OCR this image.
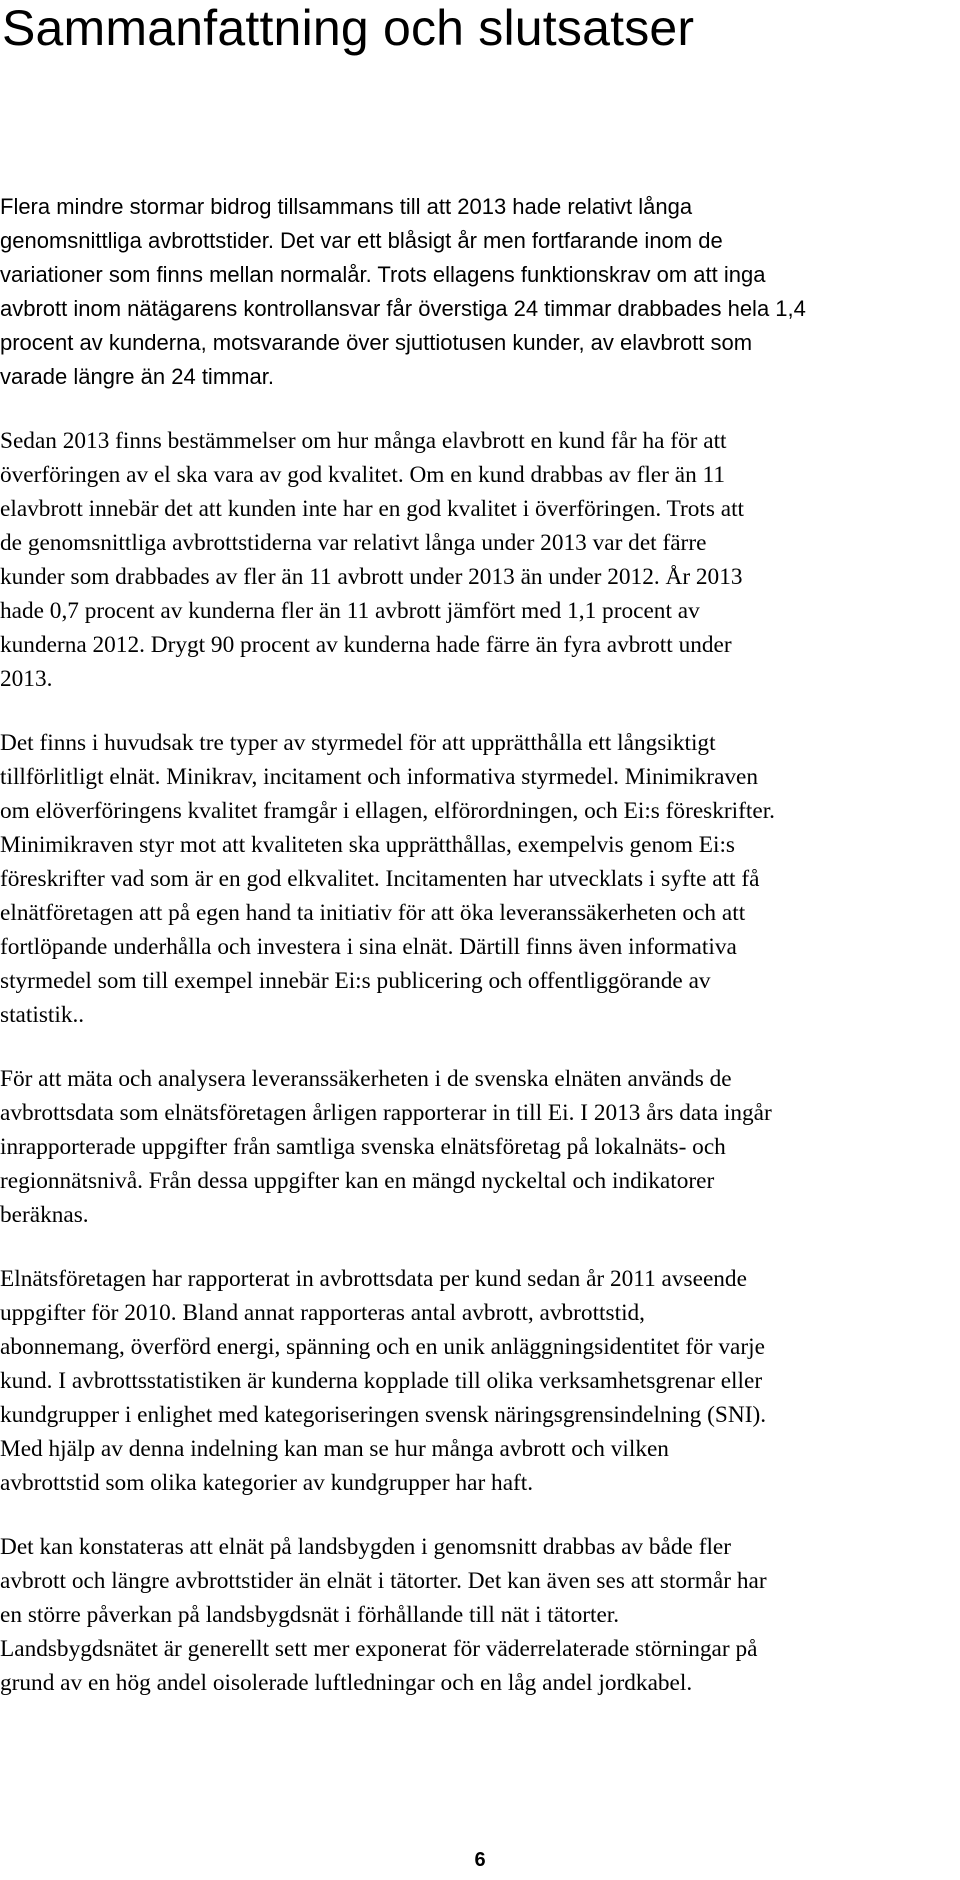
Sammanfattning och slutsatser

Flera mindre stormar bidrog tillsammans till att 2013 hade relativt långa
genomsnittliga avbrottstider. Det var ett blåsigt år men fortfarande inom de
variationer som finns mellan normalår. Trots ellagens funktionskrav om att inga
avbrott inom nätägarens kontrollansvar får överstiga 24 timmar drabbades hela 1,4
procent av kunderna, motsvarande över sjuttiotusen kunder, av elavbrott som
varade längre än 24 timmar.

Sedan 2013 finns bestämmelser om hur många elavbrott en kund får ha för att
överföringen av el ska vara av god kvalitet. Om en kund drabbas av fler än 11
elavbrott innebär det att kunden inte har en god kvalitet i överföringen. Trots att
de genomsnittliga avbrottstiderna var relativt långa under 2013 var det färre
kunder som drabbades av fler än 11 avbrott under 2013 än under 2012. År 2013
hade 0,7 procent av kunderna fler än 11 avbrott jämfört med 1,1 procent av
kunderna 2012. Drygt 90 procent av kunderna hade färre än fyra avbrott under
2013.

Det finns i huvudsak tre typer av styrmedel för att upprätthålla ett långsiktigt
tillförlitligt elnät. Minikrav, incitament och informativa styrmedel. Minimikraven
om elöverföringens kvalitet framgår i ellagen, elförordningen, och Ei:s föreskrifter.
Minimikraven styr mot att kvaliteten ska upprätthållas, exempelvis genom Ei:s
föreskrifter vad som är en god elkvalitet. Incitamenten har utvecklats i syfte att få
elnätföretagen att på egen hand ta initiativ för att öka leveranssäkerheten och att
fortlöpande underhålla och investera i sina elnät. Därtill finns även informativa
styrmedel som till exempel innebär Ei:s publicering och offentliggörande av
statistik..

För att mäta och analysera leveranssäkerheten i de svenska elnäten används de
avbrottsdata som elnätsföretagen årligen rapporterar in till Ei. I 2013 års data ingår
inrapporterade uppgifter från samtliga svenska elnätsföretag på lokalnäts- och
regionnätsnivå. Från dessa uppgifter kan en mängd nyckeltal och indikatorer
beräknas.

Elnätsföretagen har rapporterat in avbrottsdata per kund sedan år 2011 avseende
uppgifter för 2010. Bland annat rapporteras antal avbrott, avbrottstid,
abonnemang, överförd energi, spänning och en unik anläggningsidentitet för varje
kund. I avbrottsstatistiken är kunderna kopplade till olika verksamhetsgrenar eller
kundgrupper i enlighet med kategoriseringen svensk näringsgrensindelning (SNI).
Med hjälp av denna indelning kan man se hur många avbrott och vilken
avbrottstid som olika kategorier av kundgrupper har haft.

Det kan konstateras att elnät på landsbygden i genomsnitt drabbas av både fler
avbrott och längre avbrottstider än elnät i tätorter. Det kan även ses att stormår har
en större påverkan på landsbygdsnät i förhållande till nät i tätorter.
Landsbygdsnätet är generellt sett mer exponerat för väderrelaterade störningar på
grund av en hög andel oisolerade luftledningar och en låg andel jordkabel.

6
